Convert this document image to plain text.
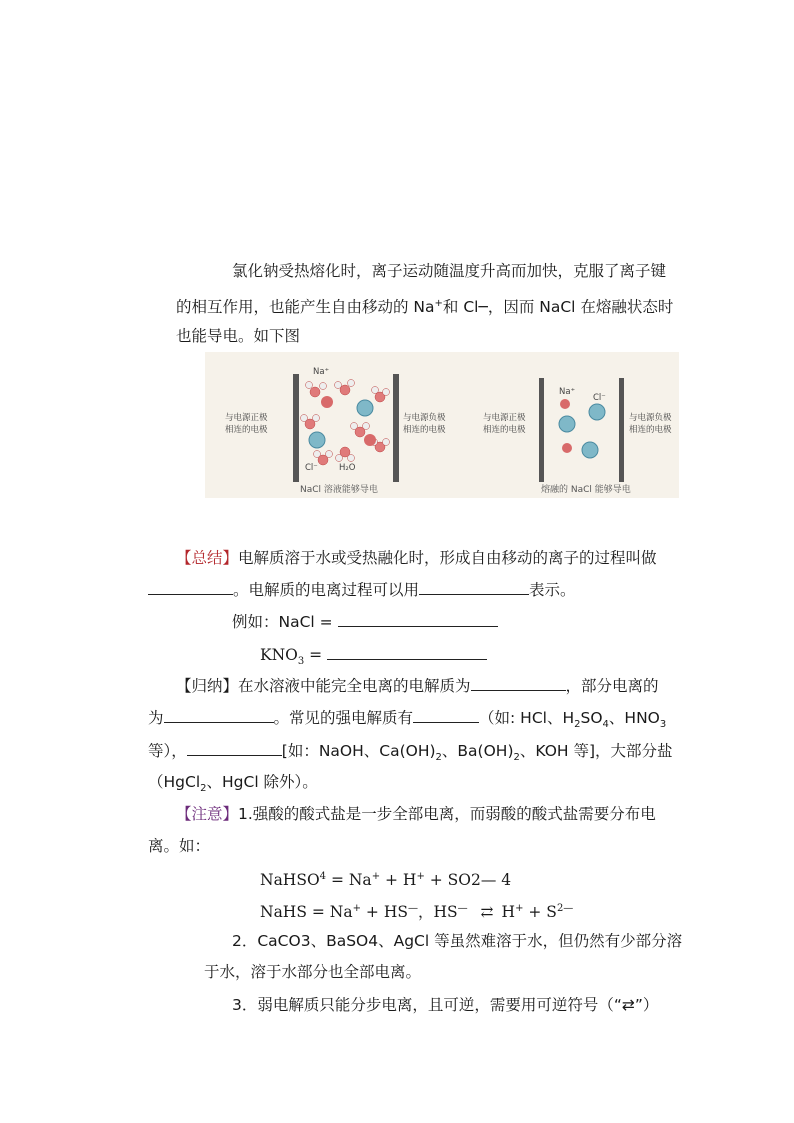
氯化钠受热熔化时，离子运动随温度升高而加快，克服了离子键
的相互作用，也能产生自由移动的 Na+和 Cl─，因而 NaCl 在熔融状态时
也能导电。如下图
与电源正极
相连的电极
与电源负极
相连的电极
Na⁺
Cl⁻ H₂O
NaCl 溶液能够导电
与电源正极
相连的电极
与电源负极
相连的电极
Na⁺
Cl⁻
熔融的 NaCl 能够导电
【总结】电解质溶于水或受热融化时，形成自由移动的离子的过程叫做
。电解质的电离过程可以用	表示。
例如：NaCl =
$KNO_3$ =
【归纳】在水溶液中能完全电离的电解质为	，部分电离的
为	。常见的强电解质有	（如: HCl、$H_2SO_4$、$HNO_3$
等），	[如：NaOH、$Ca(OH)_2$、$Ba(OH)_2$、KOH 等]，大部分盐
（HgCl$_2$、HgCl 除外）。
【注意】1.强酸的酸式盐是一步全部电离，而弱酸的酸式盐需要分布电
离。如：
NaHSO$^4$ = Na+ + H+ + SO2— 4
NaHS = Na+ + HS—，HS— ⇄ $H^+ + S^{2—}$
2．CaCO3、BaSO4、AgCl 等虽然难溶于水，但仍然有少部分溶
于水，溶于水部分也全部电离。
3．弱电解质只能分步电离，且可逆，需要用可逆符号（“⇄”）
